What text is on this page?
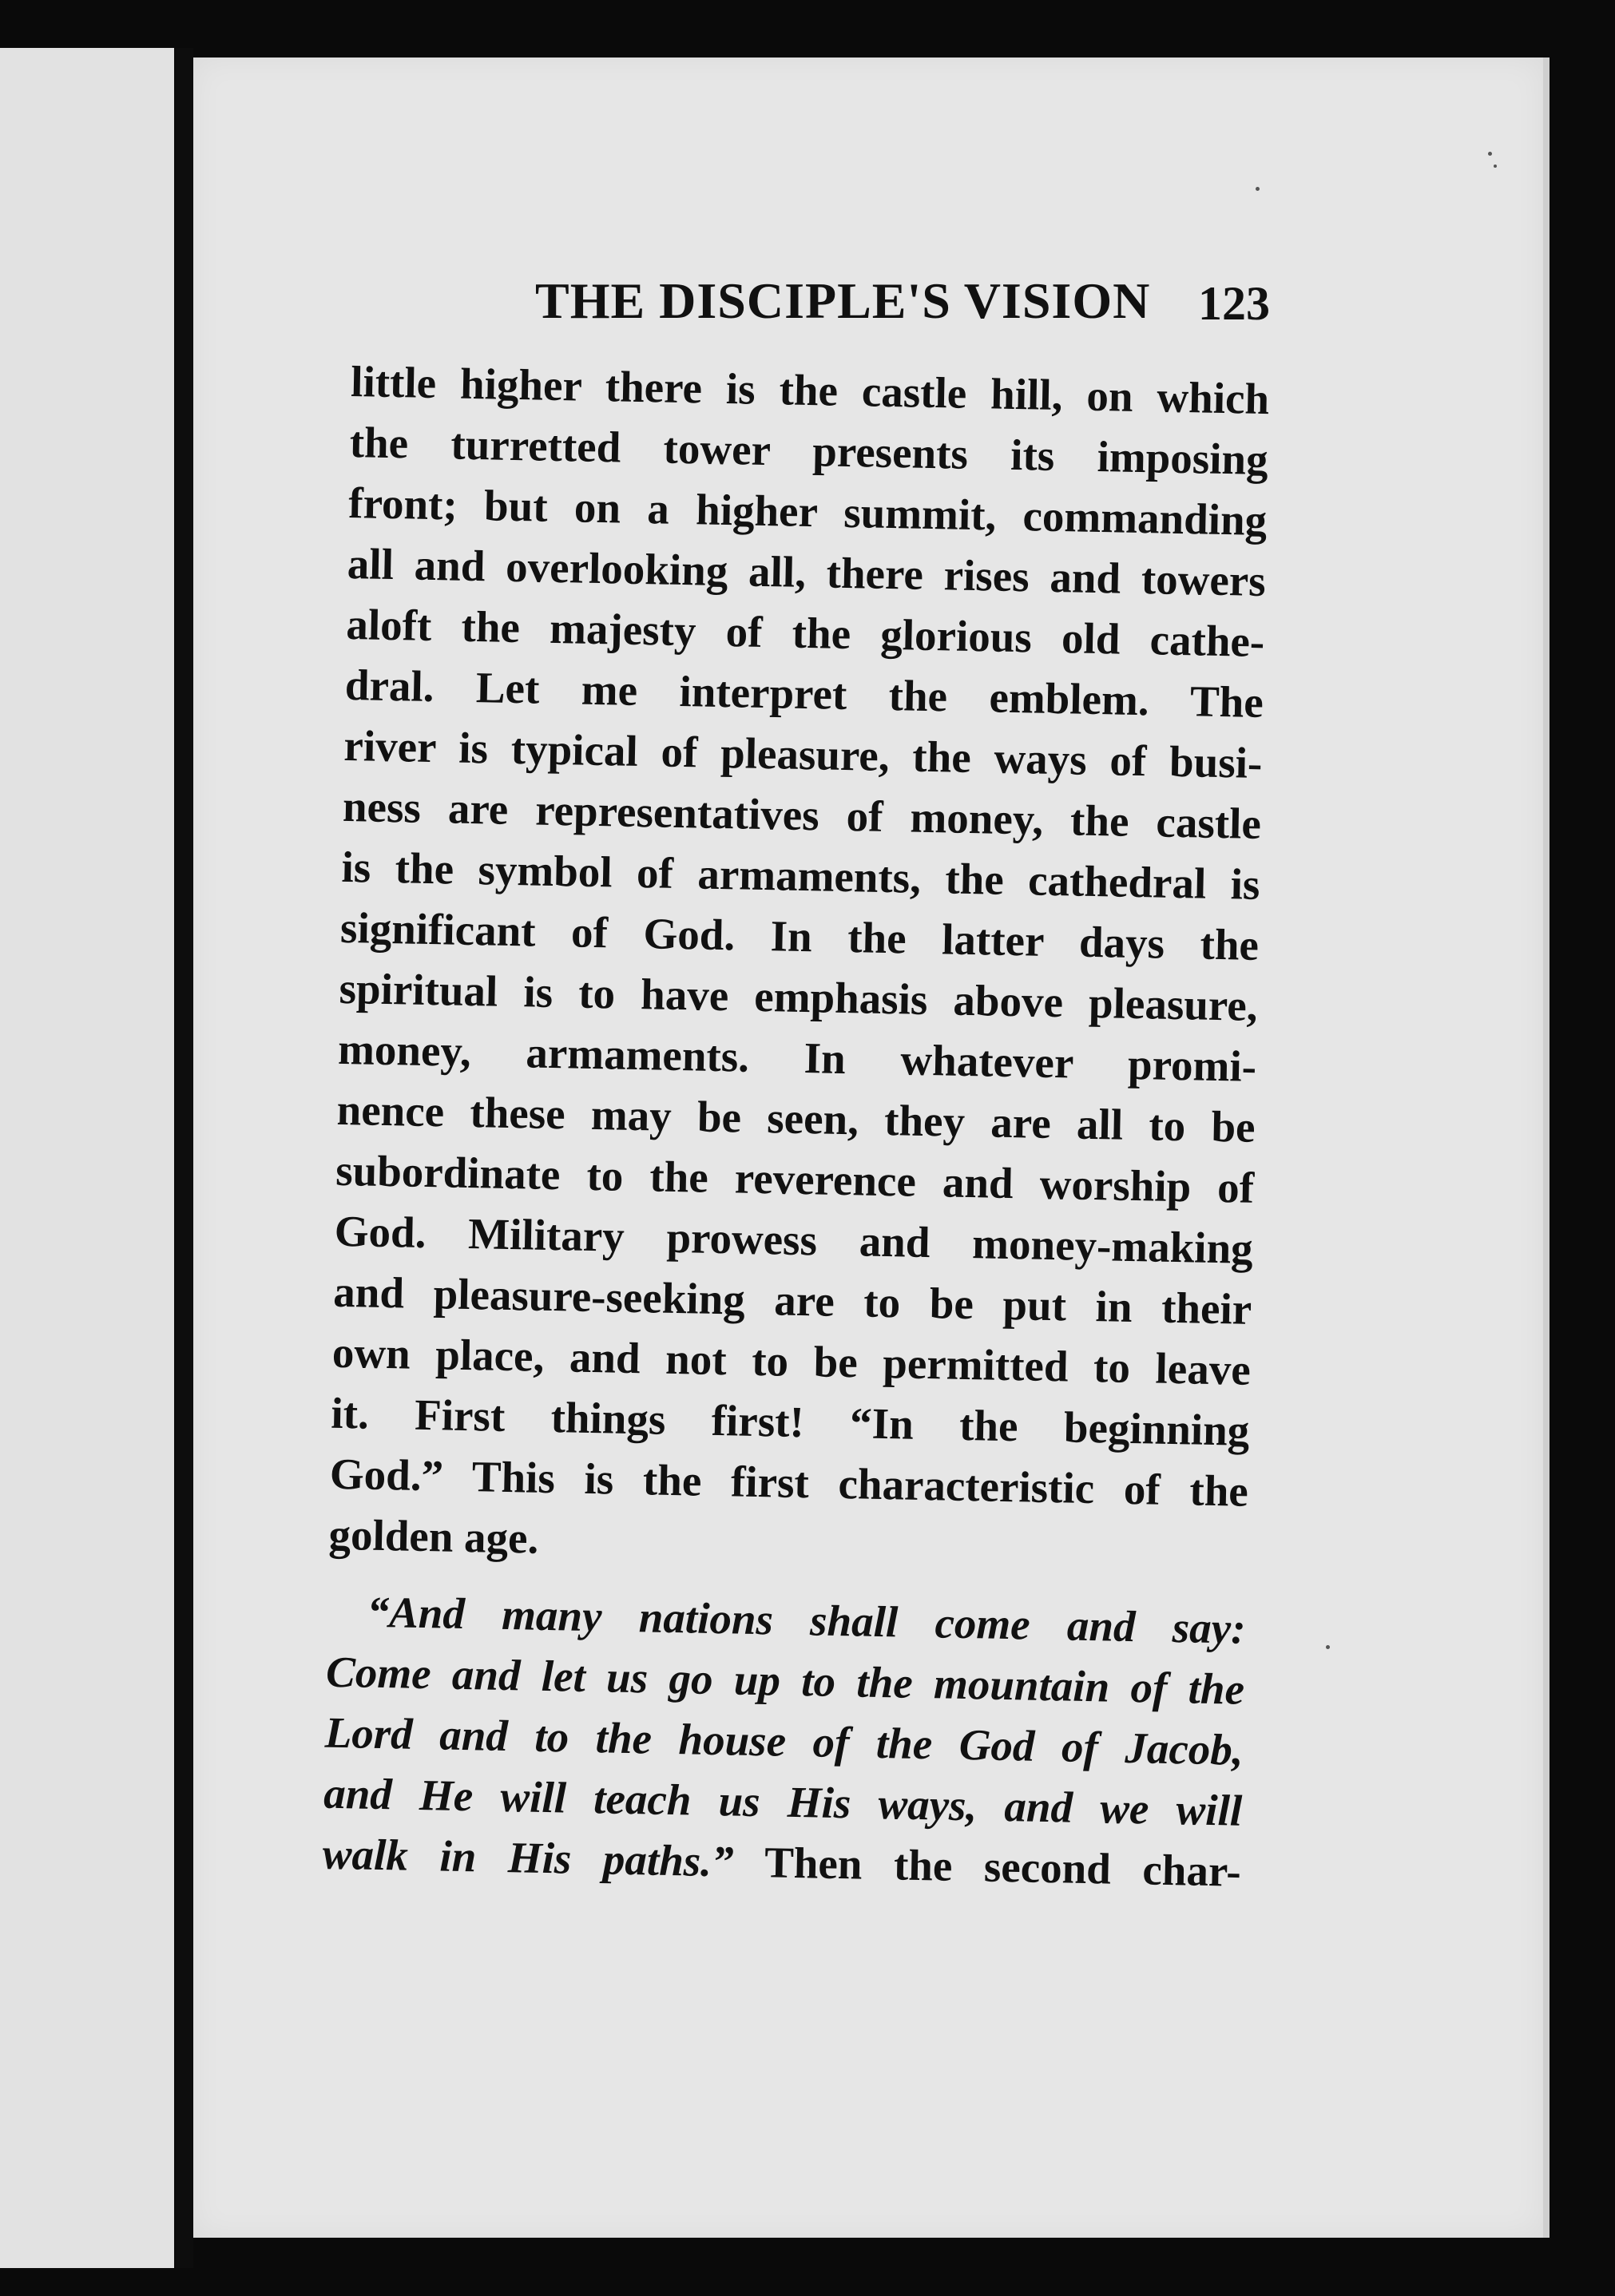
THE DISCIPLE'S VISION 123
little higher there is the castle hill, on which
the turretted tower presents its imposing
front; but on a higher summit, commanding
all and overlooking all, there rises and towers
aloft the majesty of the glorious old cathe-
dral. Let me interpret the emblem. The
river is typical of pleasure, the ways of busi-
ness are representatives of money, the castle
is the symbol of armaments, the cathedral is
significant of God. In the latter days the
spiritual is to have emphasis above pleasure,
money, armaments. In whatever promi-
nence these may be seen, they are all to be
subordinate to the reverence and worship of
God. Military prowess and money-making
and pleasure-seeking are to be put in their
own place, and not to be permitted to leave
it. First things first! “In the beginning
God.” This is the first characteristic of the
golden age.
“And many nations shall come and say:
Come and let us go up to the mountain of the
Lord and to the house of the God of Jacob,
and He will teach us His ways, and we will
walk in His paths.” Then the second char-
